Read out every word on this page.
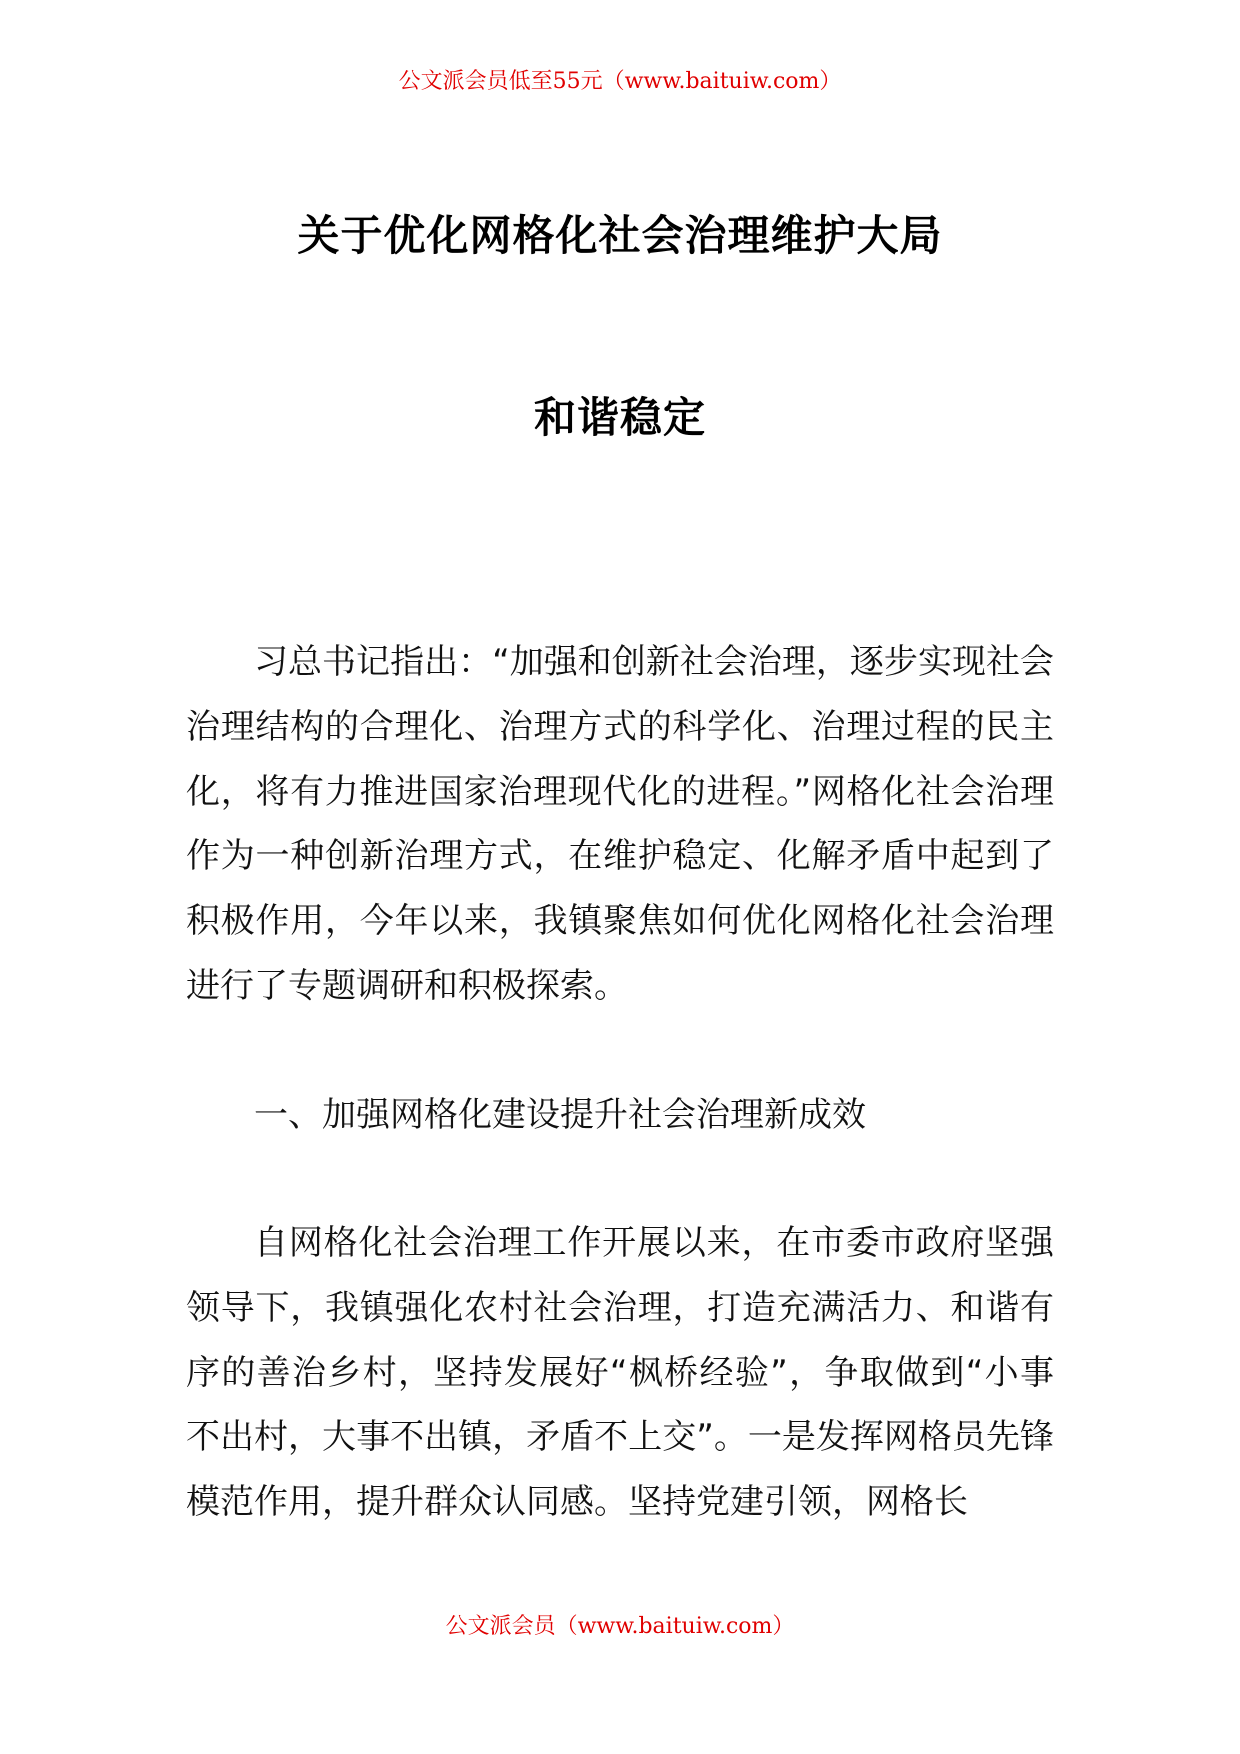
公文派会员低至55元（www.baituiw.com）
关于优化网格化社会治理维护大局
和谐稳定

习总书记指出：“加强和创新社会治理，逐步实现社会治理结构的合理化、治理方式的科学化、治理过程的民主化，将有力推进国家治理现代化的进程。”网格化社会治理作为一种创新治理方式，在维护稳定、化解矛盾中起到了积极作用，今年以来，我镇聚焦如何优化网格化社会治理进行了专题调研和积极探索。

一、加强网格化建设提升社会治理新成效

自网格化社会治理工作开展以来，在市委市政府坚强领导下，我镇强化农村社会治理，打造充满活力、和谐有序的善治乡村，坚持发展好“枫桥经验”，争取做到“小事不出村，大事不出镇，矛盾不上交”。一是发挥网格员先锋模范作用，提升群众认同感。坚持党建引领，网格长

公文派会员（www.baituiw.com）
